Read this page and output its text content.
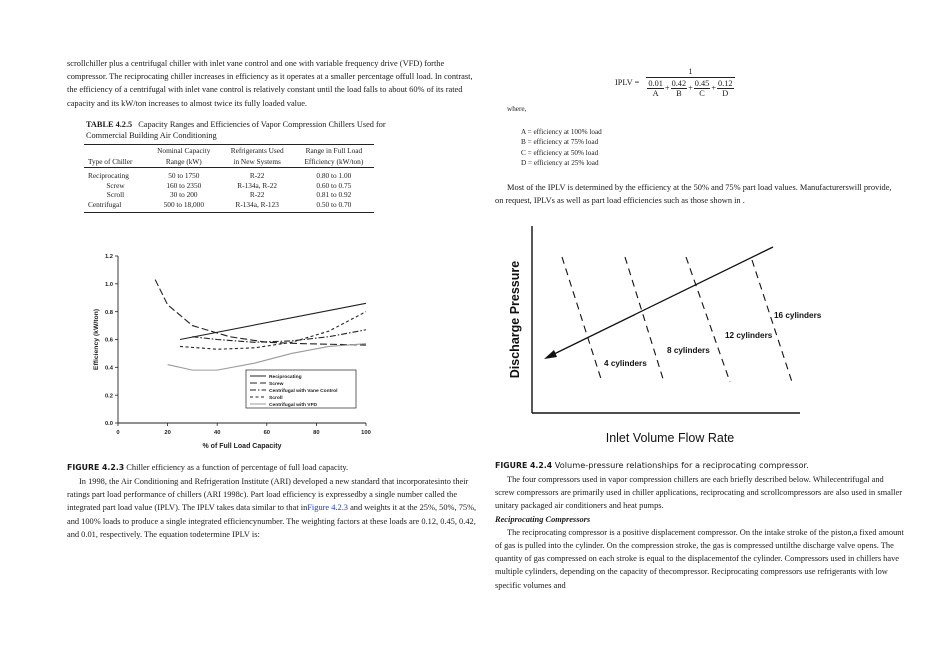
scrollchiller plus a centrifugal chiller with inlet vane control and one with variable frequency drive (VFD) forthe compressor. The reciprocating chiller increases in efficiency as it operates at a smaller percentage offull load. In contrast, the efficiency of a centrifugal with inlet vane control is relatively constant until the load falls to about 60% of its rated capacity and its kW/ton increases to almost twice its fully loaded value.

TABLE 4.2.5 Capacity Ranges and Efficiencies of Vapor Compression Chillers Used for Commercial Building Air Conditioning
	Nominal Capacity	Refrigerants Used	Range in Full Load
Type of Chiller	Range (kW)	in New Systems	Efficiency (kW/ton)
Reciprocating	50 to 1750	R-22	0.80 to 1.00
Screw	160 to 2350	R-134a, R-22	0.60 to 0.75
Scroll	30 to 200	R-22	0.81 to 0.92
Centrifugal	500 to 18,000	R-134a, R-123	0.50 to 0.70
0.0
0.2
0.4
0.6
0.8
1.0
1.2
0	20	40	60	80	100
% of Full Load Capacity
Efficiency (kW/ton)
Reciprocating
Screw
Centrifugal with Vane Control
Scroll
Centrifugal with VFD
FIGURE 4.2.3 Chiller efficiency as a function of percentage of full load capacity.

In 1998, the Air Conditioning and Refrigeration Institute (ARI) developed a new standard that incorporatesinto their ratings part load performance of chillers (ARI 1998c). Part load efficiency is expressedby a single number called the integrated part load value (IPLV). The IPLV takes data similar to that inFigure 4.2.3 and weights it at the 25%, 50%, 75%, and 100% loads to produce a single integrated efficiencynumber. The weighting factors at these loads are 0.12, 0.45, 0.42, and 0.01, respectively. The equation todetermine IPLV is:

IPLV = $\frac{1}{\frac{0.01}{A} + \frac{0.42}{B} + \frac{0.45}{C} + \frac{0.12}{D}}$
where,
A = efficiency at 100% load
B = efficiency at 75% load
C = efficiency at 50% load
D = efficiency at 25% load

Most of the IPLV is determined by the efficiency at the 50% and 75% part load values. Manufacturerswill provide, on request, IPLVs as well as part load efficiencies such as those shown in .

Discharge Pressure
Inlet Volume Flow Rate
4 cylinders
8 cylinders
12 cylinders
16 cylinders
FIGURE 4.2.4 Volume-pressure relationships for a reciprocating compressor.

The four compressors used in vapor compression chillers are each briefly described below. Whilecentrifugal and screw compressors are primarily used in chiller applications, reciprocating and scrollcompressors are also used in smaller unitary packaged air conditioners and heat pumps.

Reciprocating Compressors

The reciprocating compressor is a positive displacement compressor. On the intake stroke of the piston,a fixed amount of gas is pulled into the cylinder. On the compression stroke, the gas is compressed untilthe discharge valve opens. The quantity of gas compressed on each stroke is equal to the displacementof the cylinder. Compressors used in chillers have multiple cylinders, depending on the capacity of thecompressor. Reciprocating compressors use refrigerants with low specific volumes and
